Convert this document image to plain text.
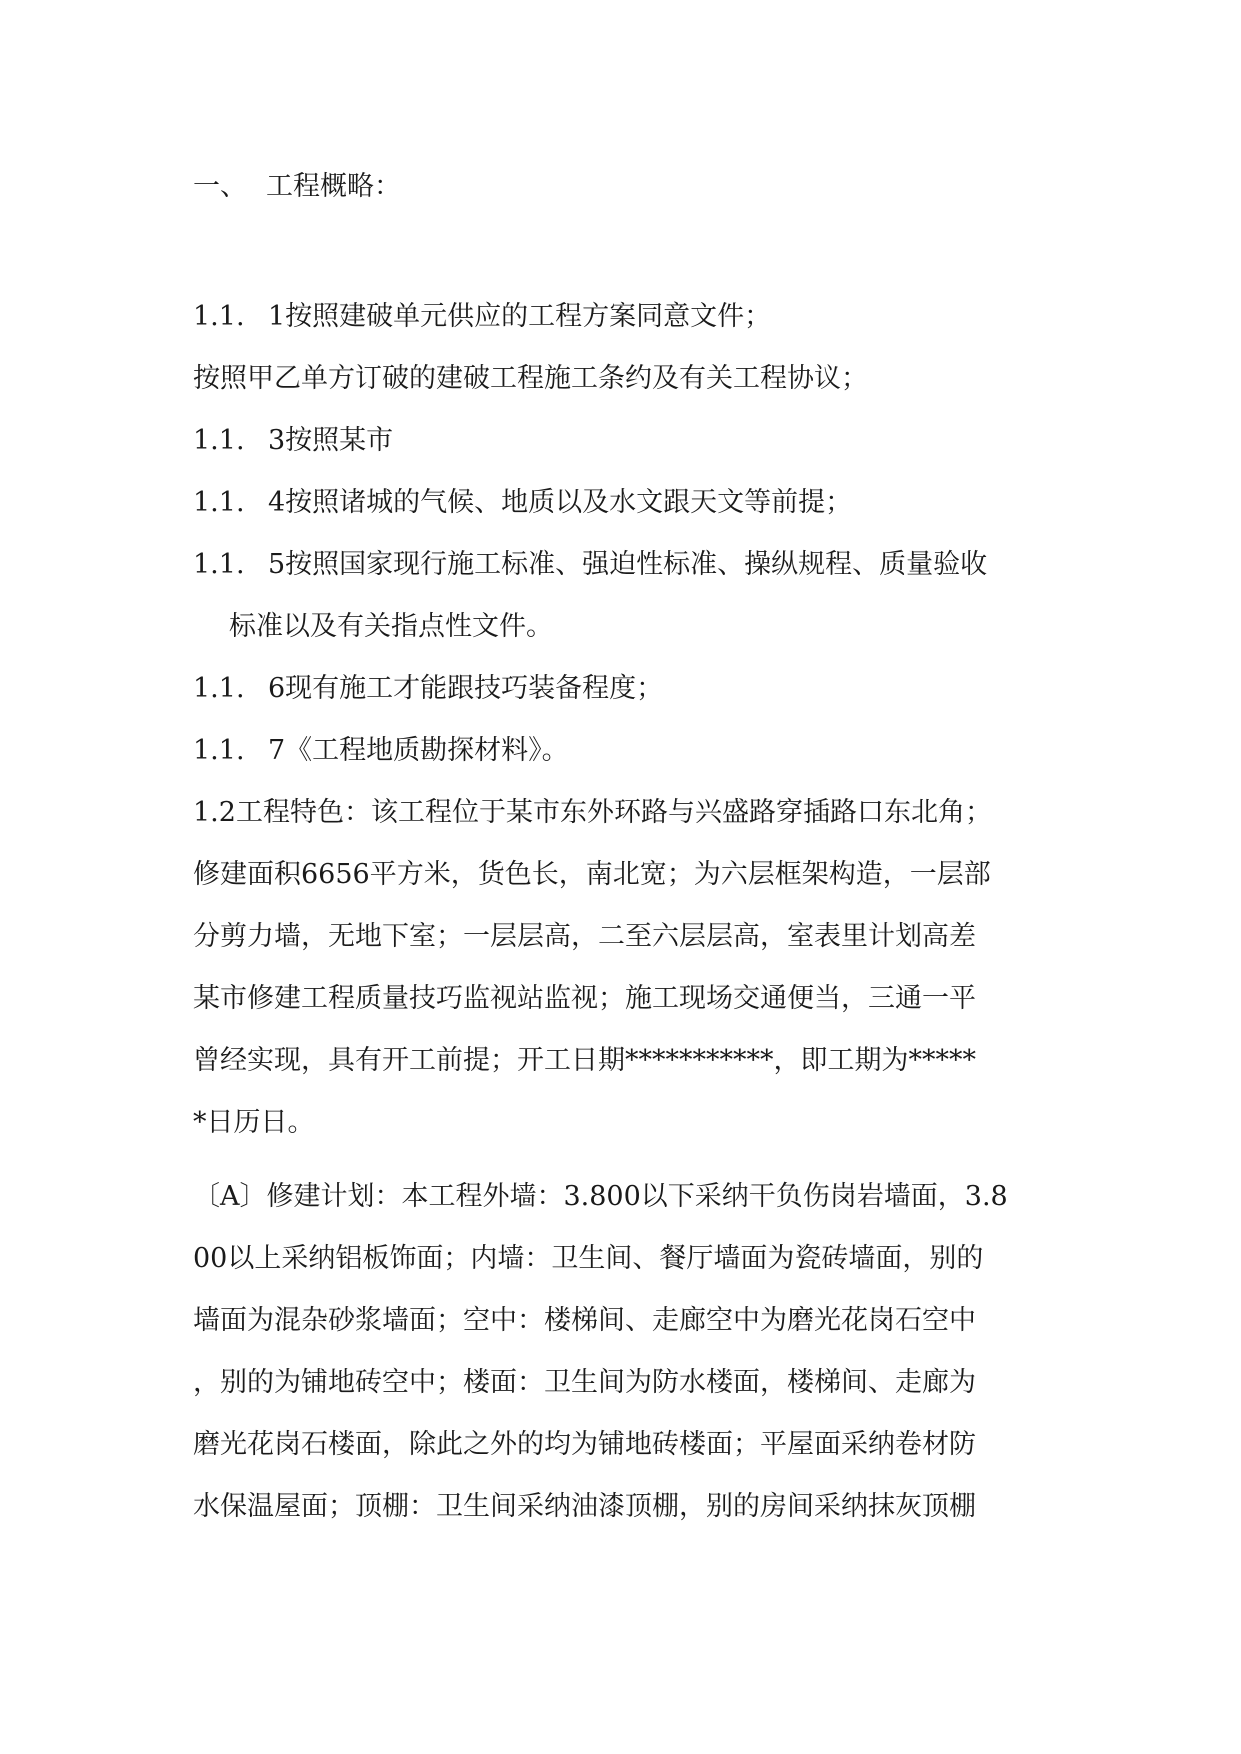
一、 工程概略：
1.1. 1按照建破单元供应的工程方案同意文件；
按照甲乙单方订破的建破工程施工条约及有关工程协议；
1.1. 3按照某市
1.1. 4按照诸城的气候、地质以及水文跟天文等前提；
1.1. 5按照国家现行施工标准、强迫性标准、操纵规程、质量验收
标准以及有关指点性文件。
1.1. 6现有施工才能跟技巧装备程度；
1.1. 7《工程地质勘探材料》。
1.2工程特色：该工程位于某市东外环路与兴盛路穿插路口东北角；
修建面积6656平方米，货色长，南北宽；为六层框架构造，一层部
分剪力墙，无地下室；一层层高，二至六层层高，室表里计划高差
某市修建工程质量技巧监视站监视；施工现场交通便当，三通一平
曾经实现，具有开工前提；开工日期***********，即工期为*****
*日历日。
〔A〕修建计划：本工程外墙：3.800以下采纳干负伤岗岩墙面，3.8
00以上采纳铝板饰面；内墙：卫生间、餐厅墙面为瓷砖墙面，别的
墙面为混杂砂浆墙面；空中：楼梯间、走廊空中为磨光花岗石空中
，别的为铺地砖空中；楼面：卫生间为防水楼面，楼梯间、走廊为
磨光花岗石楼面，除此之外的均为铺地砖楼面；平屋面采纳卷材防
水保温屋面；顶棚：卫生间采纳油漆顶棚，别的房间采纳抹灰顶棚
